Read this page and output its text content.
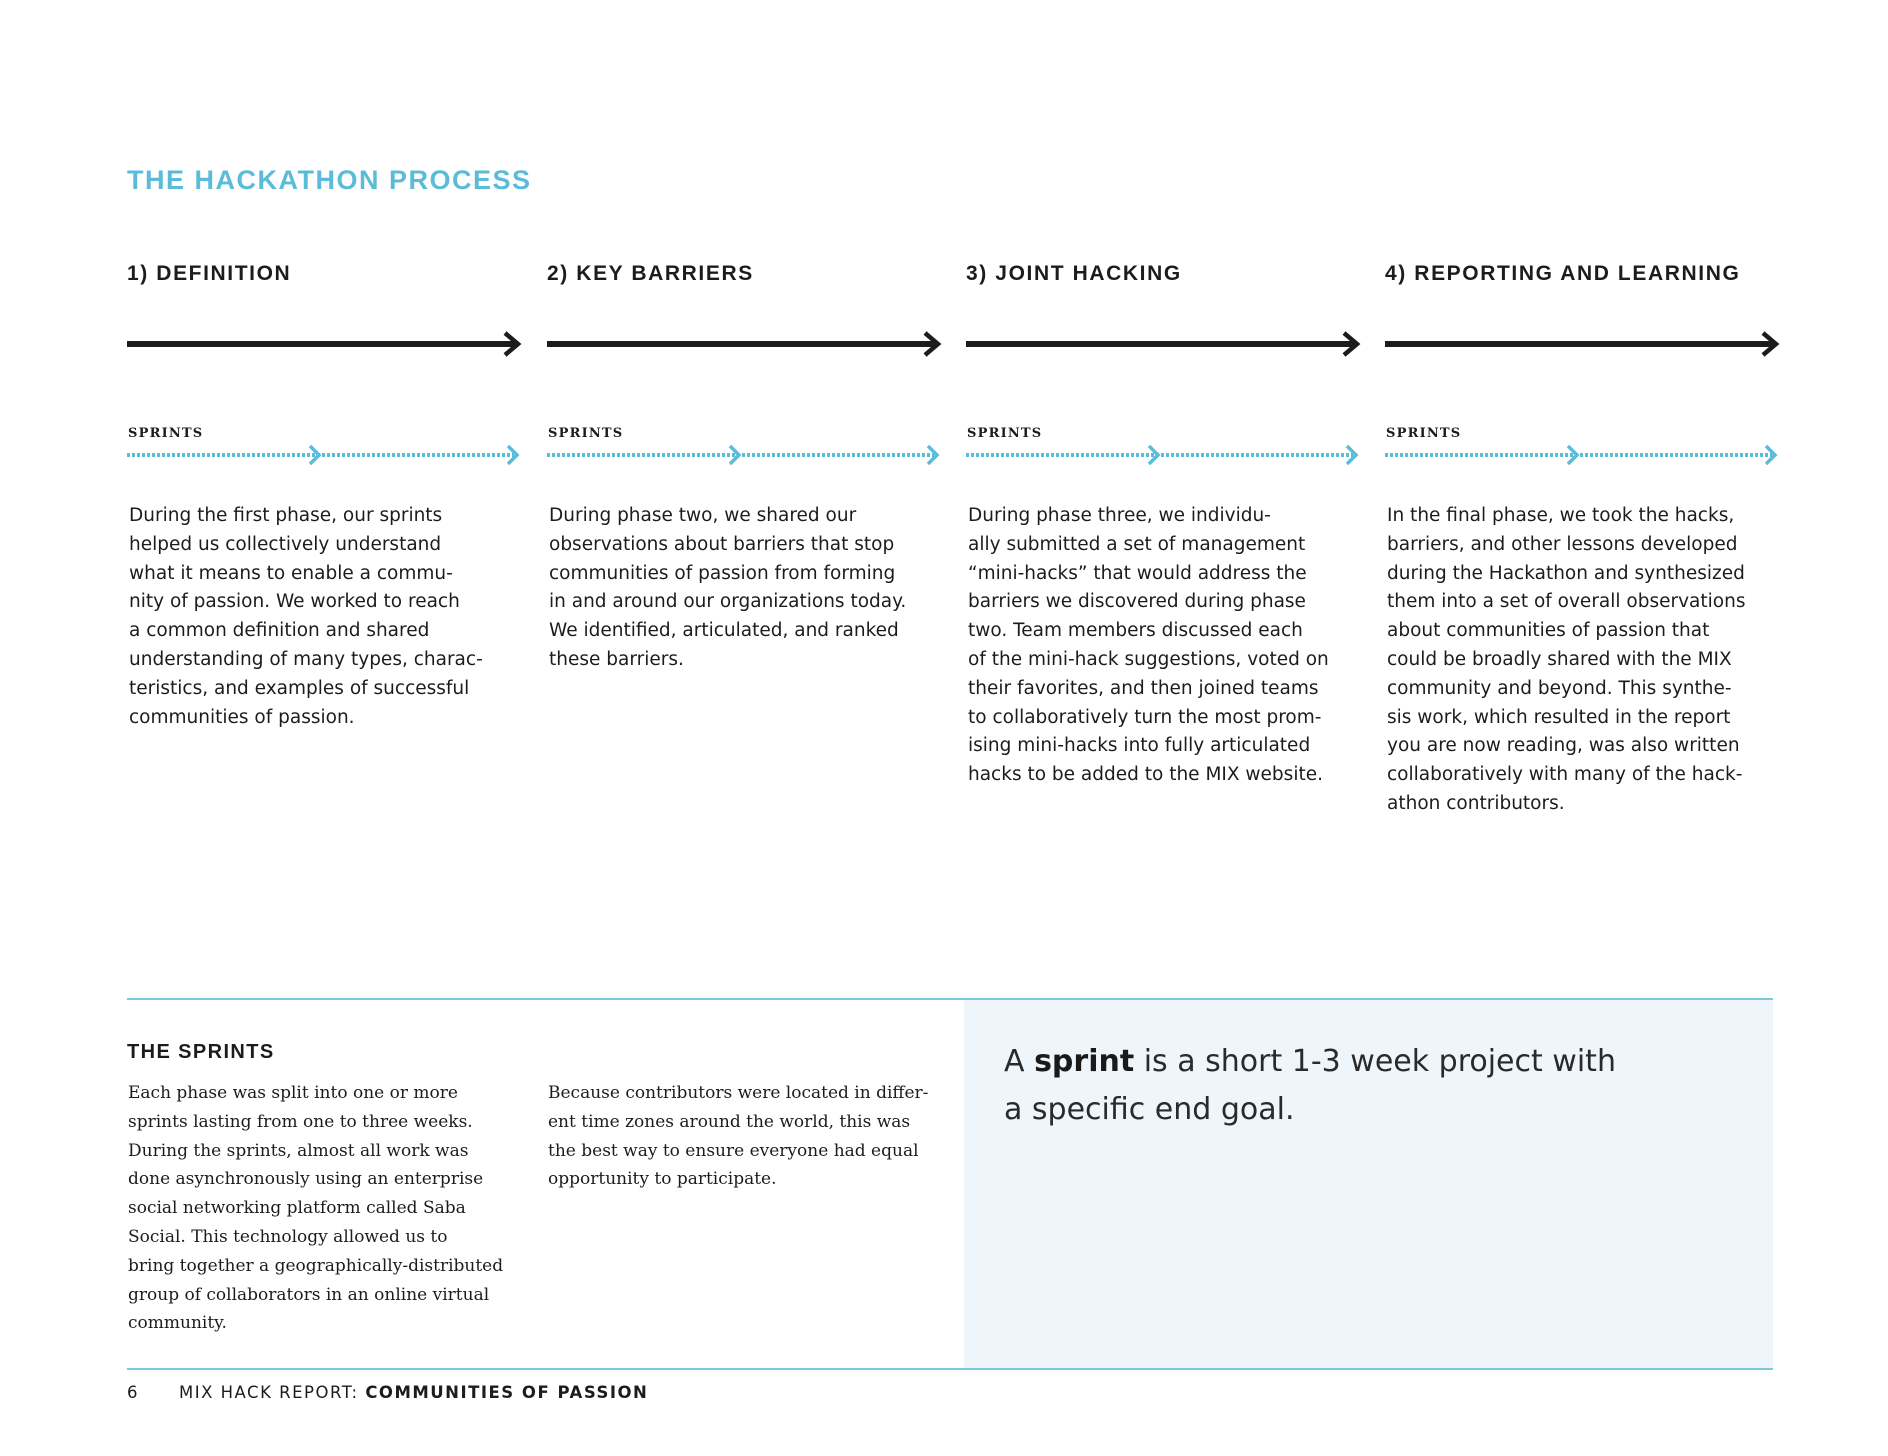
THE HACKATHON PROCESS
1) DEFINITION
SPRINTS

During the first phase, our sprints
helped us collectively understand
what it means to enable a commu-
nity of passion. We worked to reach
a common definition and shared
understanding of many types, charac-
teristics, and examples of successful
communities of passion.

2) KEY BARRIERS
SPRINTS

During phase two, we shared our
observations about barriers that stop
communities of passion from forming
in and around our organizations today.
We identified, articulated, and ranked
these barriers.

3) JOINT HACKING
SPRINTS

During phase three, we individu-
ally submitted a set of management
“mini-hacks” that would address the
barriers we discovered during phase
two. Team members discussed each
of the mini-hack suggestions, voted on
their favorites, and then joined teams
to collaboratively turn the most prom-
ising mini-hacks into fully articulated
hacks to be added to the MIX website.

4) REPORTING AND LEARNING
SPRINTS

In the final phase, we took the hacks,
barriers, and other lessons developed
during the Hackathon and synthesized
them into a set of overall observations
about communities of passion that
could be broadly shared with the MIX
community and beyond. This synthe-
sis work, which resulted in the report
you are now reading, was also written
collaboratively with many of the hack-
athon contributors.

A sprint is a short 1-3 week project with
a specific end goal.

THE SPRINTS

Each phase was split into one or more
sprints lasting from one to three weeks.
During the sprints, almost all work was
done asynchronously using an enterprise
social networking platform called Saba
Social. This technology allowed us to
bring together a geographically-distributed
group of collaborators in an online virtual
community.

Because contributors were located in differ-
ent time zones around the world, this was
the best way to ensure everyone had equal
opportunity to participate.

6 MIX HACK REPORT: COMMUNITIES OF PASSION
